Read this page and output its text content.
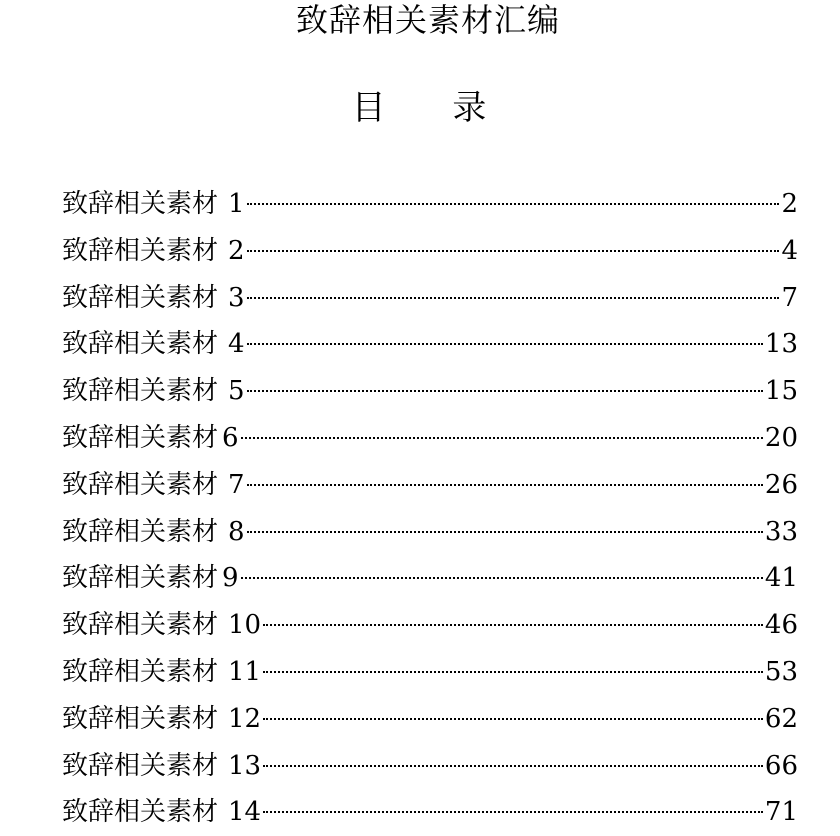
致辞相关素材汇编
目 录
致辞相关素材 1	2
致辞相关素材 2	4
致辞相关素材 3	7
致辞相关素材 4	13
致辞相关素材 5	15
致辞相关素材 6	20
致辞相关素材 7	26
致辞相关素材 8	33
致辞相关素材 9	41
致辞相关素材 10	46
致辞相关素材 11	53
致辞相关素材 12	62
致辞相关素材 13	66
致辞相关素材 14	71
